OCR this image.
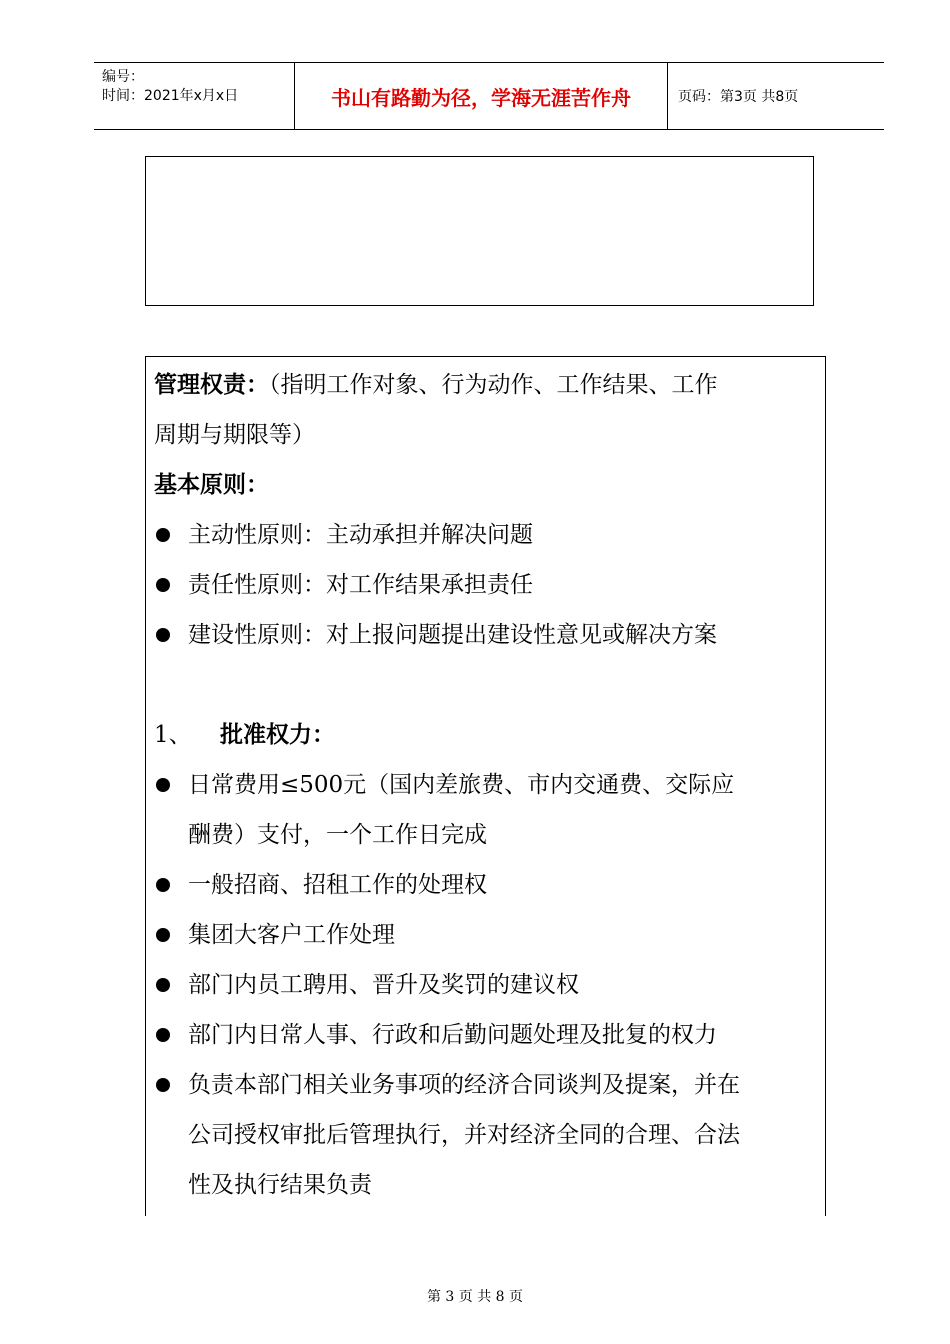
编号：
时间：2021年x月x日	书山有路勤为径，学海无涯苦作舟	页码：第3页 共8页
管理权责：（指明工作对象、行为动作、工作结果、工作
周期与期限等）
基本原则：
主动性原则：主动承担并解决问题
责任性原则：对工作结果承担责任
建设性原则：对上报问题提出建设性意见或解决方案
1、 批准权力：
日常费用≤500元（国内差旅费、市内交通费、交际应
酬费）支付，一个工作日完成
一般招商、招租工作的处理权
集团大客户工作处理
部门内员工聘用、晋升及奖罚的建议权
部门内日常人事、行政和后勤问题处理及批复的权力
负责本部门相关业务事项的经济合同谈判及提案，并在
公司授权审批后管理执行，并对经济全同的合理、合法
性及执行结果负责
第 3 页 共 8 页
